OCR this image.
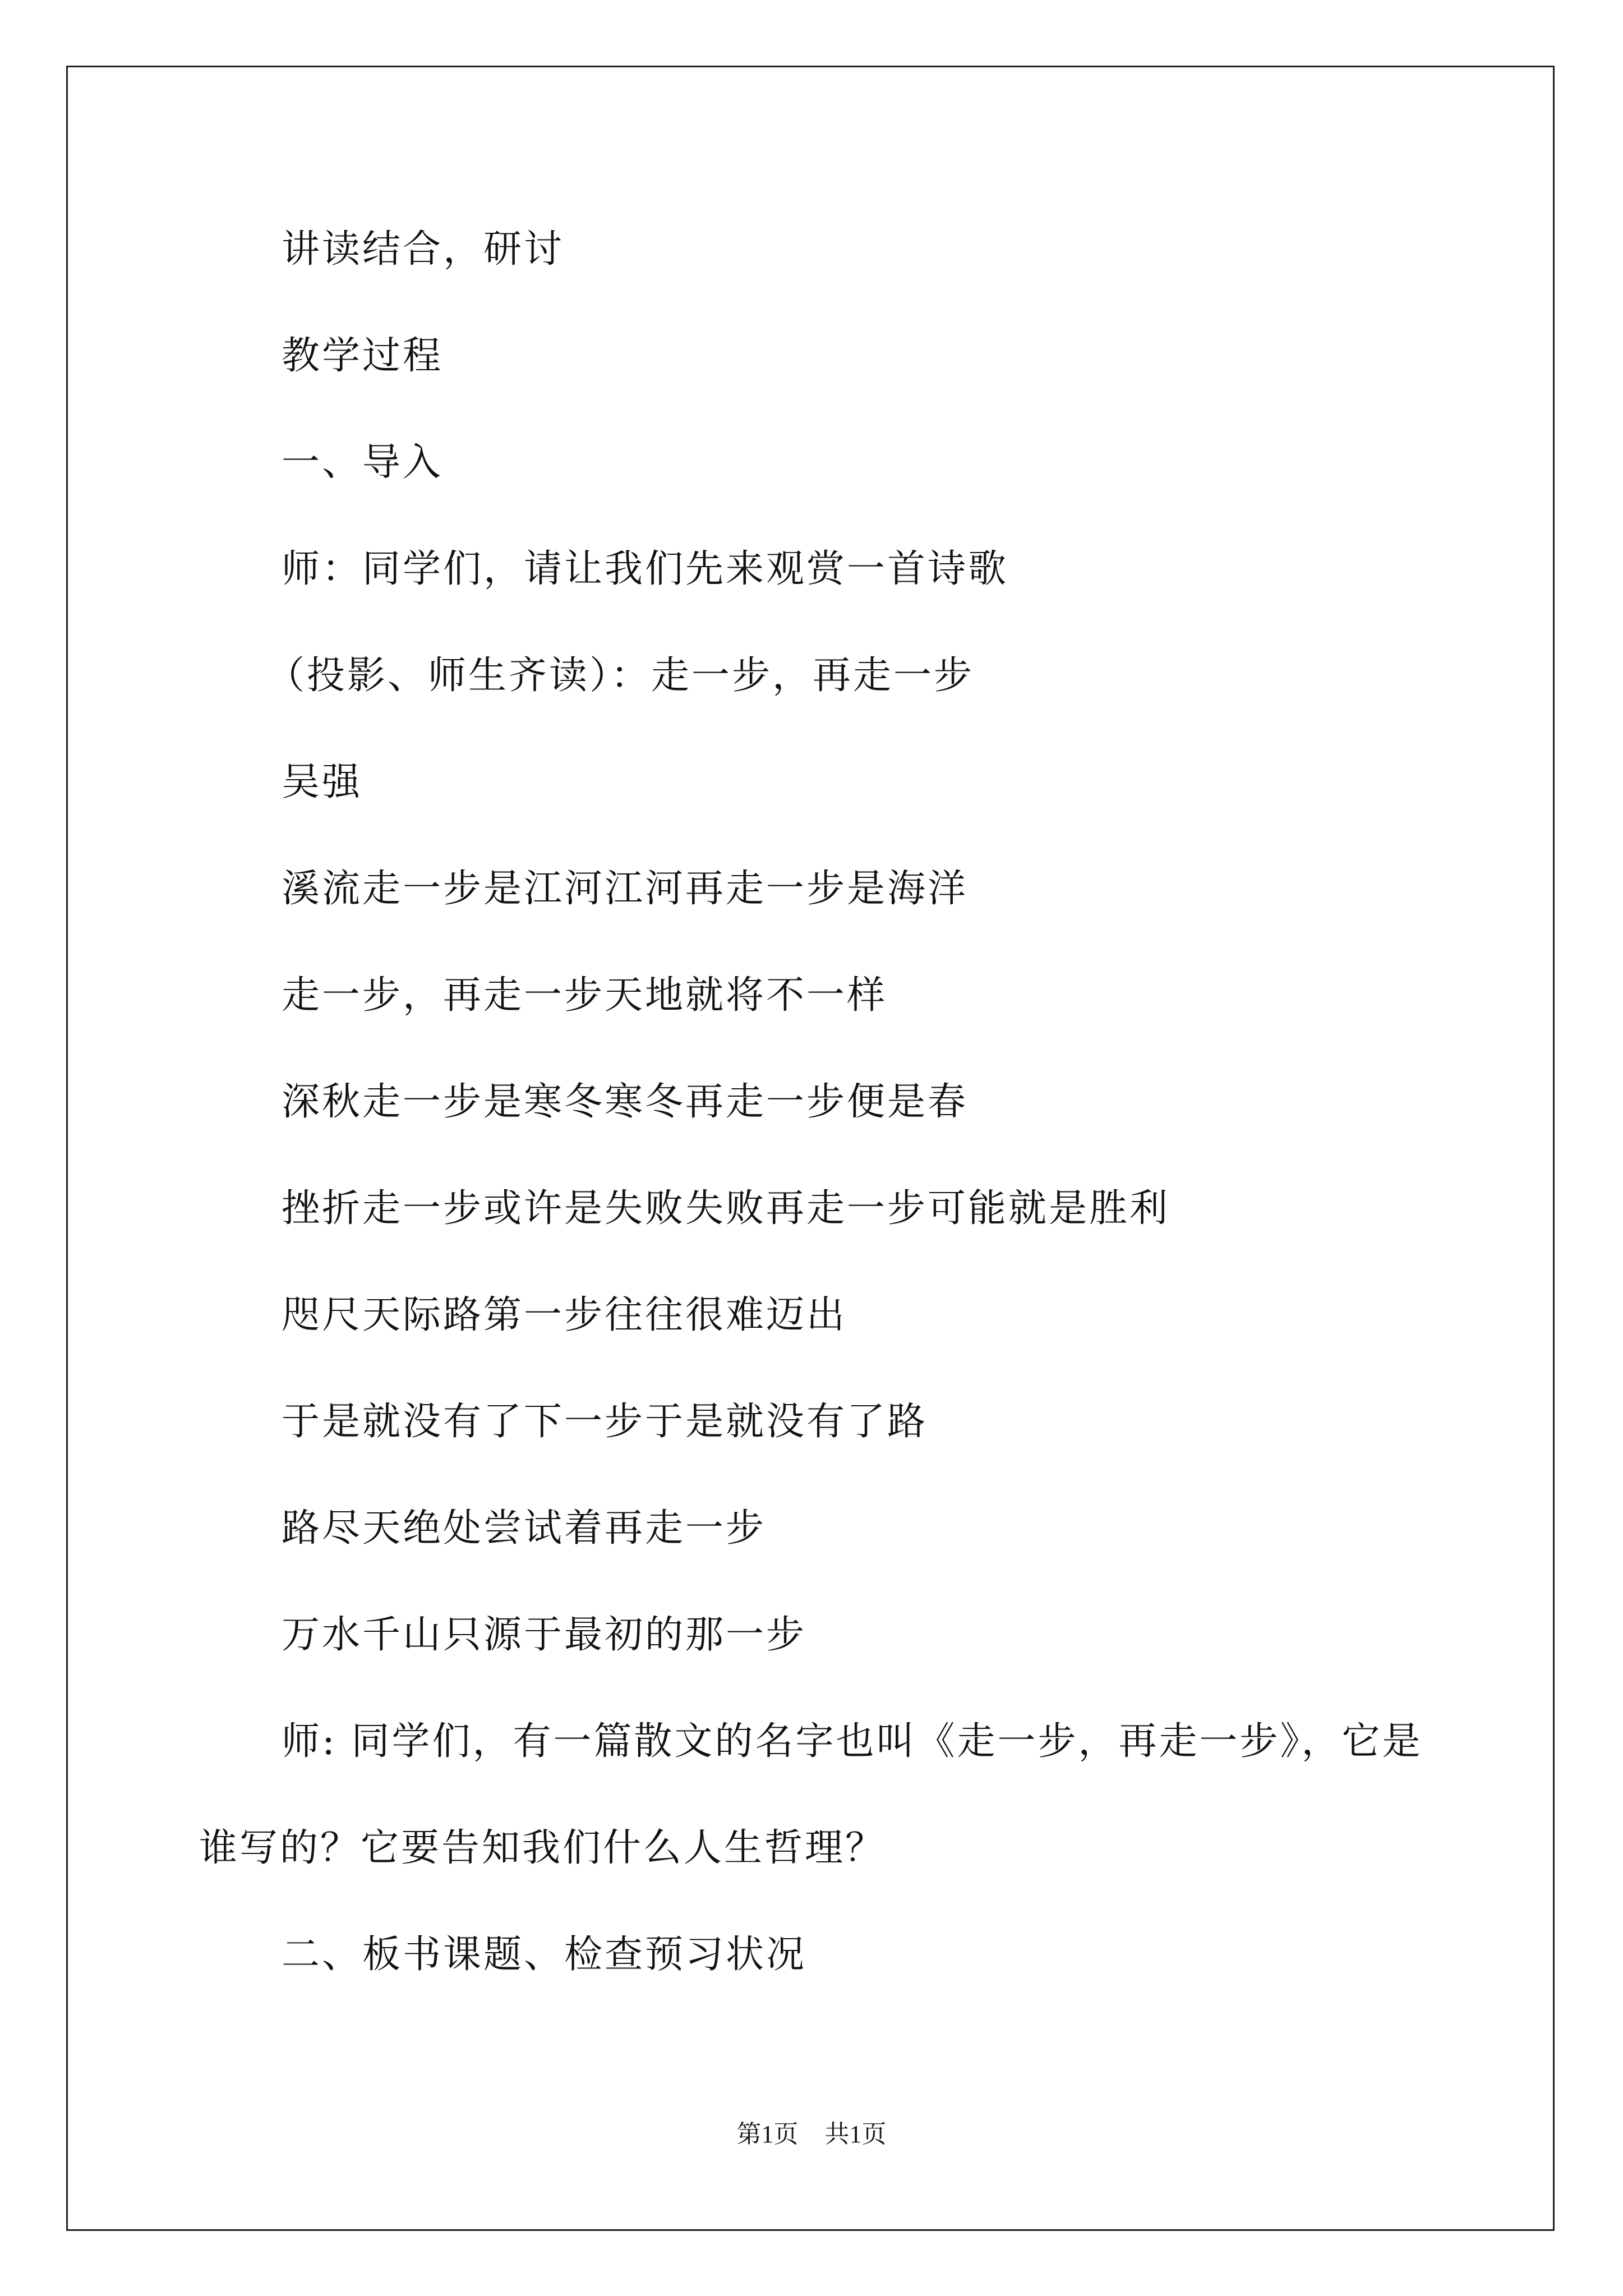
讲读结合，研讨
教学过程
一、导入
师：同学们，请让我们先来观赏一首诗歌
（投影、师生齐读）：走一步，再走一步
吴强
溪流走一步是江河江河再走一步是海洋
走一步，再走一步天地就将不一样
深秋走一步是寒冬寒冬再走一步便是春
挫折走一步或许是失败失败再走一步可能就是胜利
咫尺天际路第一步往往很难迈出
于是就没有了下一步于是就没有了路
路尽天绝处尝试着再走一步
万水千山只源于最初的那一步
师: 同学们，有一篇散文的名字也叫《走一步，再走一步》，它是
谁写的？它要告知我们什么人生哲理？
二、板书课题、检查预习状况
第1页 共1页
